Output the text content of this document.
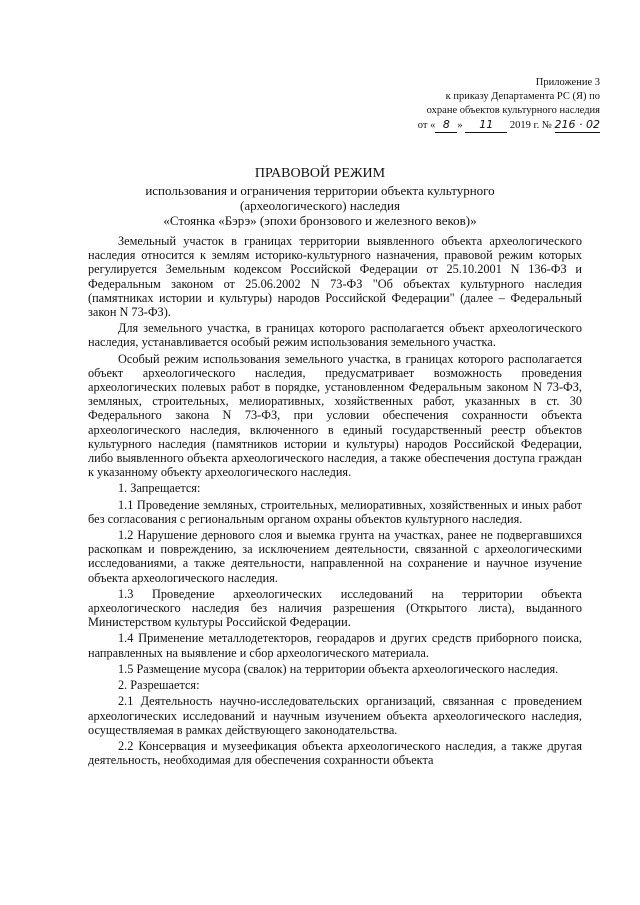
Приложение 3
к приказу Департамента РС (Я) по
охране объектов культурного наследия
от « 8 » 11 2019 г. № 216 · 02
ПРАВОВОЙ РЕЖИМ
использования и ограничения территории объекта культурного
(археологического) наследия
«Стоянка «Бэрэ» (эпохи бронзового и железного веков)»

Земельный участок в границах территории выявленного объекта археологического наследия относится к землям историко-культурного назначения, правовой режим которых регулируется Земельным кодексом Российской Федерации от 25.10.2001 N 136-ФЗ и Федеральным законом от 25.06.2002 N 73-ФЗ "Об объектах культурного наследия (памятниках истории и культуры) народов Российской Федерации" (далее – Федеральный закон N 73-ФЗ).

Для земельного участка, в границах которого располагается объект археологического наследия, устанавливается особый режим использования земельного участка.

Особый режим использования земельного участка, в границах которого располагается объект археологического наследия, предусматривает возможность проведения археологических полевых работ в порядке, установленном Федеральным законом N 73-ФЗ, земляных, строительных, мелиоративных, хозяйственных работ, указанных в ст. 30 Федерального закона N 73-ФЗ, при условии обеспечения сохранности объекта археологического наследия, включенного в единый государственный реестр объектов культурного наследия (памятников истории и культуры) народов Российской Федерации, либо выявленного объекта археологического наследия, а также обеспечения доступа граждан к указанному объекту археологического наследия.

1. Запрещается:

1.1 Проведение земляных, строительных, мелиоративных, хозяйственных и иных работ без согласования с региональным органом охраны объектов культурного наследия.

1.2 Нарушение дернового слоя и выемка грунта на участках, ранее не подвергавшихся раскопкам и повреждению, за исключением деятельности, связанной с археологическими исследованиями, а также деятельности, направленной на сохранение и научное изучение объекта археологического наследия.

1.3 Проведение археологических исследований на территории объекта археологического наследия без наличия разрешения (Открытого листа), выданного Министерством культуры Российской Федерации.

1.4 Применение металлодетекторов, георадаров и других средств приборного поиска, направленных на выявление и сбор археологического материала.

1.5 Размещение мусора (свалок) на территории объекта археологического наследия.

2. Разрешается:

2.1 Деятельность научно-исследовательских организаций, связанная с проведением археологических исследований и научным изучением объекта археологического наследия, осуществляемая в рамках действующего законодательства.

2.2 Консервация и музеефикация объекта археологического наследия, а также другая деятельность, необходимая для обеспечения сохранности объекта
